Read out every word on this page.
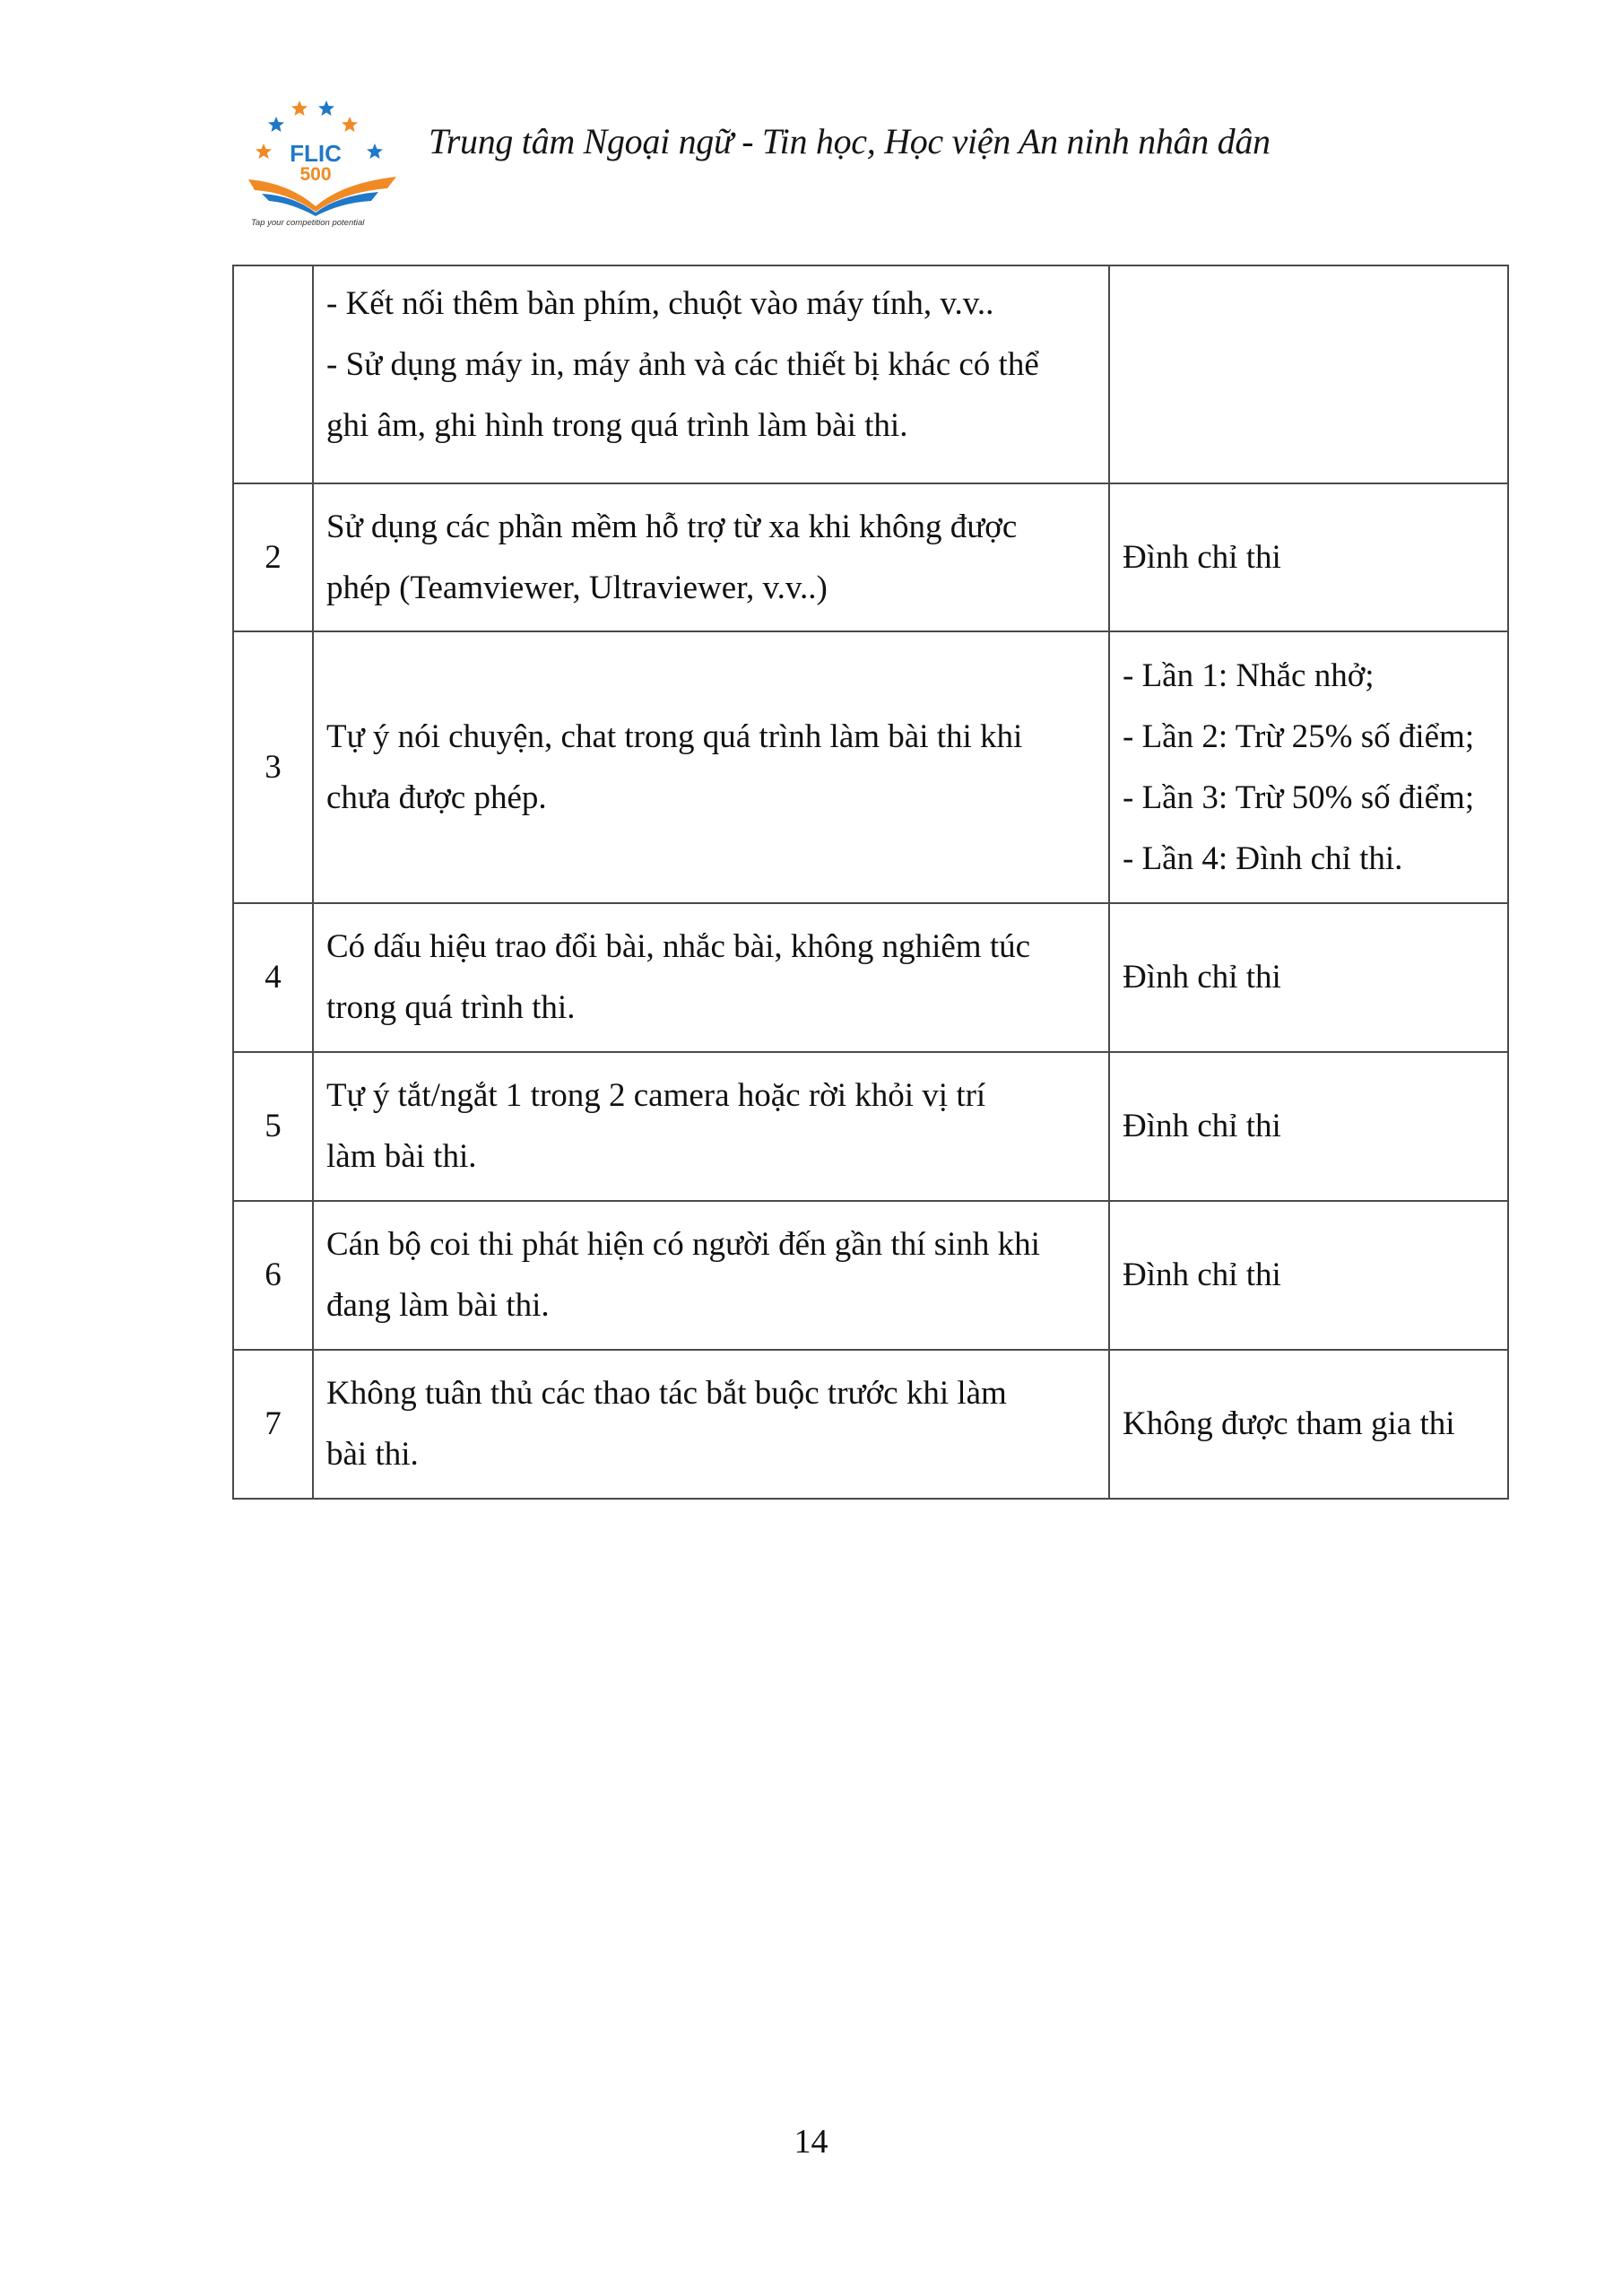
FLIC
500
Tap your competition potential
Trung tâm Ngoại ngữ - Tin học, Học viện An ninh nhân dân

	- Kết nối thêm bàn phím, chuột vào máy tính, v.v..
- Sử dụng máy in, máy ảnh và các thiết bị khác có thể
ghi âm, ghi hình trong quá trình làm bài thi.	

2	Sử dụng các phần mềm hỗ trợ từ xa khi không được
phép (Teamviewer, Ultraviewer, v.v..)	Đình chỉ thi

3	Tự ý nói chuyện, chat trong quá trình làm bài thi khi
chưa được phép.	- Lần 1: Nhắc nhở;
- Lần 2: Trừ 25% số điểm;
- Lần 3: Trừ 50% số điểm;
- Lần 4: Đình chỉ thi.

4	Có dấu hiệu trao đổi bài, nhắc bài, không nghiêm túc
trong quá trình thi.	Đình chỉ thi

5	Tự ý tắt/ngắt 1 trong 2 camera hoặc rời khỏi vị trí
làm bài thi.	Đình chỉ thi

6	Cán bộ coi thi phát hiện có người đến gần thí sinh khi
đang làm bài thi.	Đình chỉ thi

7	Không tuân thủ các thao tác bắt buộc trước khi làm
bài thi.	Không được tham gia thi
14
